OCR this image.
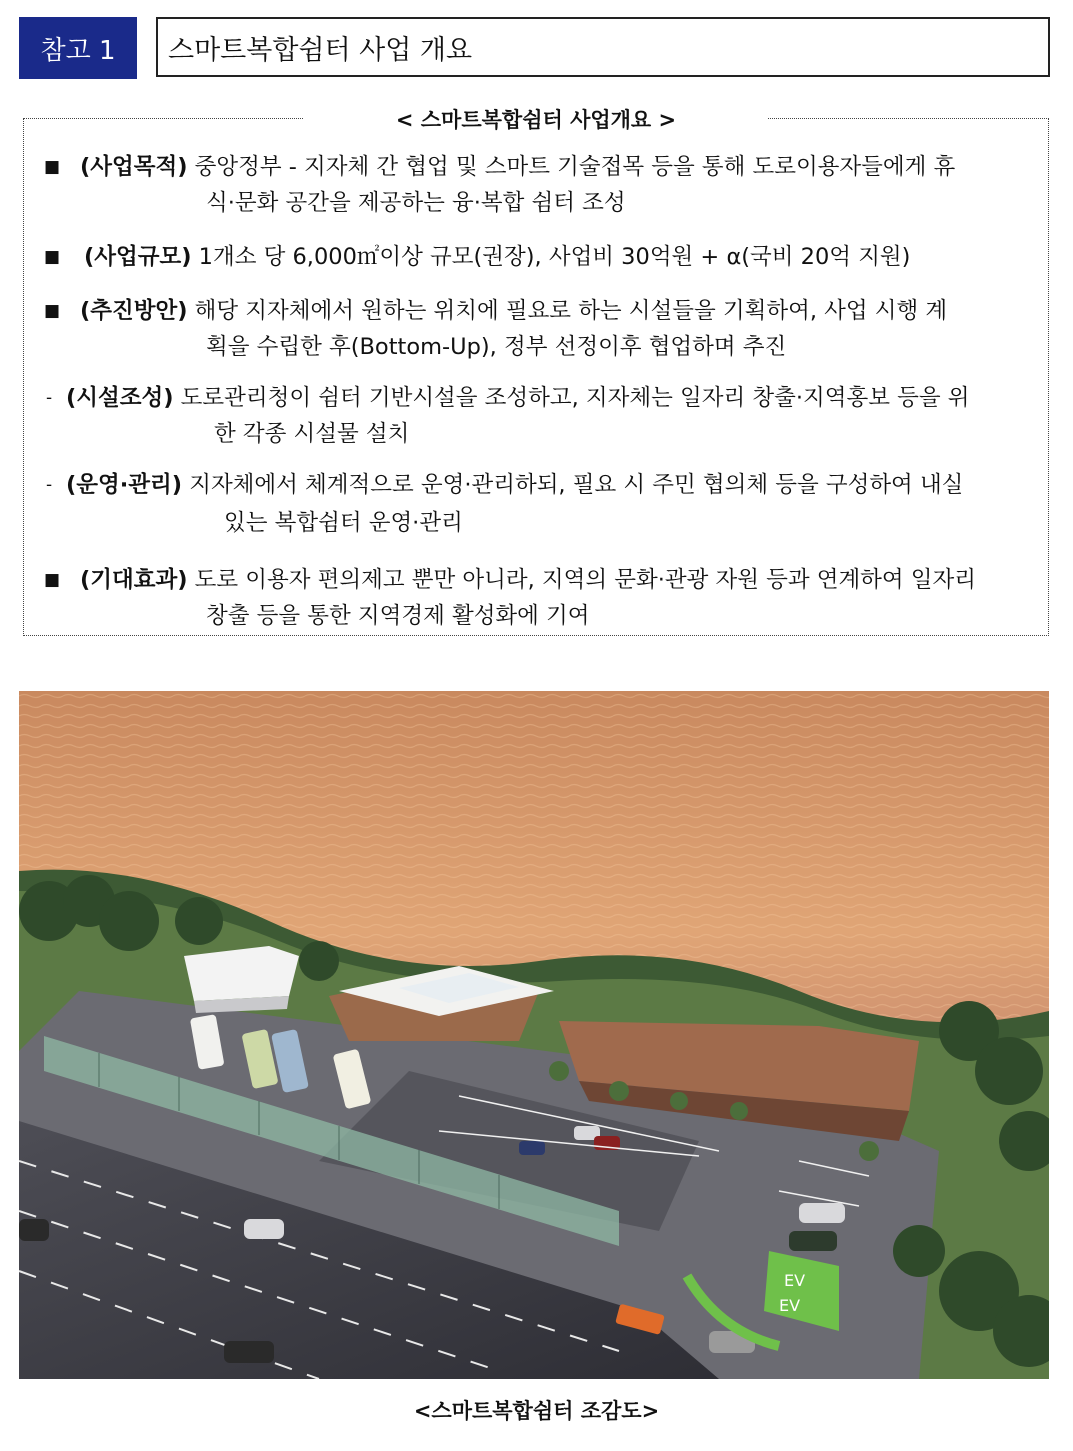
참고 1	스마트복합쉼터 사업 개요
< 스마트복합쉼터 사업개요 >
■ (사업목적) 중앙정부 - 지자체 간 협업 및 스마트 기술접목 등을 통해 도로이용자들에게 휴
식·문화 공간을 제공하는 융·복합 쉼터 조성
■ (사업규모) 1개소 당 6,000㎡이상 규모(권장), 사업비 30억원 + α(국비 20억 지원)
■ (추진방안) 해당 지자체에서 원하는 위치에 필요로 하는 시설들을 기획하여, 사업 시행 계
획을 수립한 후(Bottom-Up), 정부 선정이후 협업하며 추진
- (시설조성) 도로관리청이 쉼터 기반시설을 조성하고, 지자체는 일자리 창출·지역홍보 등을 위
한 각종 시설물 설치
- (운영·관리) 지자체에서 체계적으로 운영·관리하되, 필요 시 주민 협의체 등을 구성하여 내실
있는 복합쉼터 운영·관리
■ (기대효과) 도로 이용자 편의제고 뿐만 아니라, 지역의 문화·관광 자원 등과 연계하여 일자리
창출 등을 통한 지역경제 활성화에 기여
EV
EV
<스마트복합쉼터 조감도>
